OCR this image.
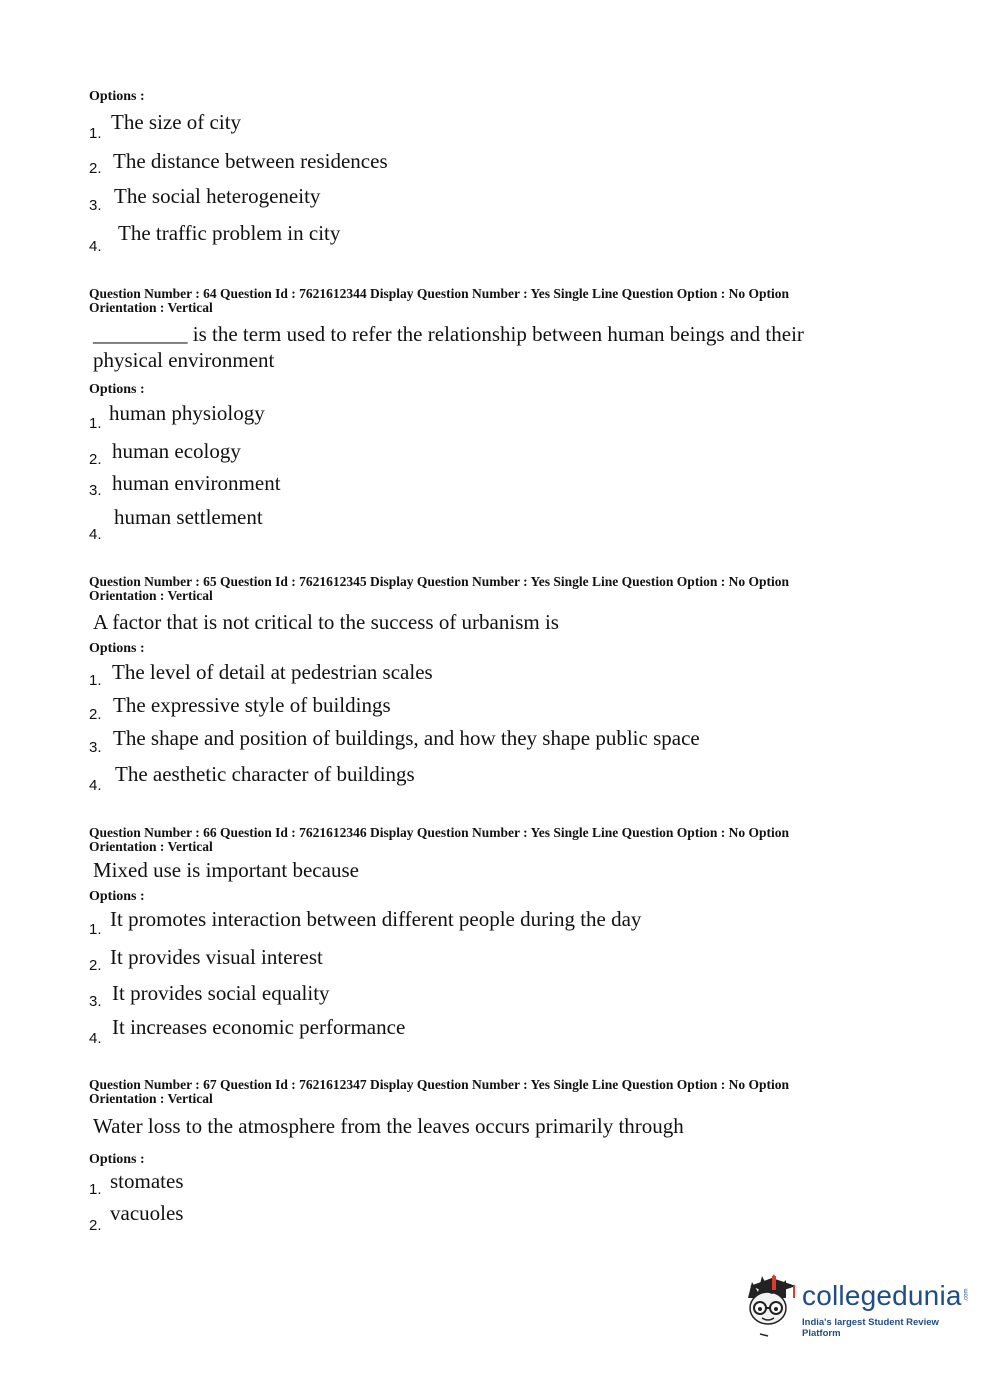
Options :
1. The size of city
2. The distance between residences
3. The social heterogeneity
4.
The traffic problem in city
Question Number : 64 Question Id : 7621612344 Display Question Number : Yes Single Line Question Option : No Option
Orientation : Vertical
_________ is the term used to refer the relationship between human beings and their
physical environment
Options :
1. human physiology
2. human ecology
3. human environment
4.
human settlement
Question Number : 65 Question Id : 7621612345 Display Question Number : Yes Single Line Question Option : No Option
Orientation : Vertical
A factor that is not critical to the success of urbanism is
Options :
1. The level of detail at pedestrian scales
2. The expressive style of buildings
3. The shape and position of buildings, and how they shape public space
4. The aesthetic character of buildings
Question Number : 66 Question Id : 7621612346 Display Question Number : Yes Single Line Question Option : No Option
Orientation : Vertical
Mixed use is important because
Options :
1. It promotes interaction between different people during the day
2. It provides visual interest
3. It provides social equality
4. It increases economic performance
Question Number : 67 Question Id : 7621612347 Display Question Number : Yes Single Line Question Option : No Option
Orientation : Vertical
Water loss to the atmosphere from the leaves occurs primarily through
Options :
1. stomates
2.
vacuoles
collegedunia .com
India's largest Student Review Platform
